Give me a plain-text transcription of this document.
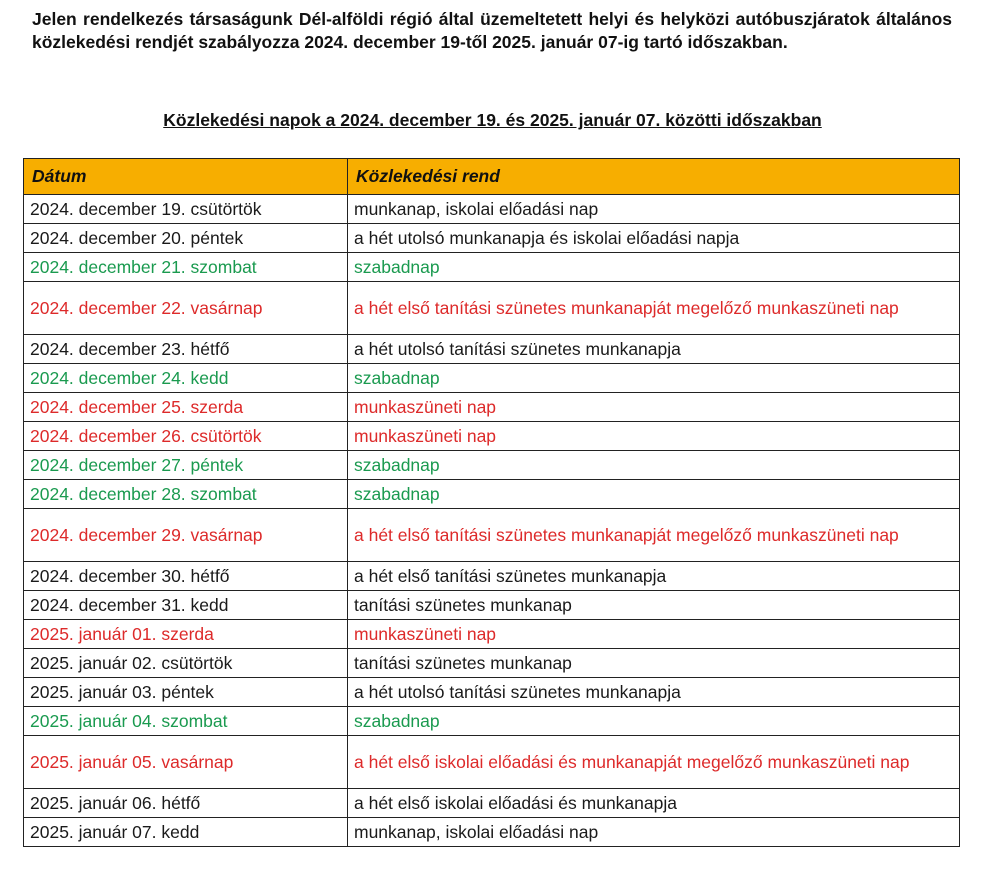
Jelen rendelkezés társaságunk Dél-alföldi régió által üzemeltetett helyi és helyközi autóbuszjáratok általános közlekedési rendjét szabályozza 2024. december 19-től 2025. január 07-ig tartó időszakban.
Közlekedési napok a 2024. december 19. és 2025. január 07. közötti időszakban
Dátum	Közlekedési rend
2024. december 19. csütörtök	munkanap, iskolai előadási nap
2024. december 20. péntek	a hét utolsó munkanapja és iskolai előadási napja
2024. december 21. szombat	szabadnap
2024. december 22. vasárnap	a hét első tanítási szünetes munkanapját megelőző munkaszüneti nap
2024. december 23. hétfő	a hét utolsó tanítási szünetes munkanapja
2024. december 24. kedd	szabadnap
2024. december 25. szerda	munkaszüneti nap
2024. december 26. csütörtök	munkaszüneti nap
2024. december 27. péntek	szabadnap
2024. december 28. szombat	szabadnap
2024. december 29. vasárnap	a hét első tanítási szünetes munkanapját megelőző munkaszüneti nap
2024. december 30. hétfő	a hét első tanítási szünetes munkanapja
2024. december 31. kedd	tanítási szünetes munkanap
2025. január 01. szerda	munkaszüneti nap
2025. január 02. csütörtök	tanítási szünetes munkanap
2025. január 03. péntek	a hét utolsó tanítási szünetes munkanapja
2025. január 04. szombat	szabadnap
2025. január 05. vasárnap	a hét első iskolai előadási és munkanapját megelőző munkaszüneti nap
2025. január 06. hétfő	a hét első iskolai előadási és munkanapja
2025. január 07. kedd	munkanap, iskolai előadási nap
